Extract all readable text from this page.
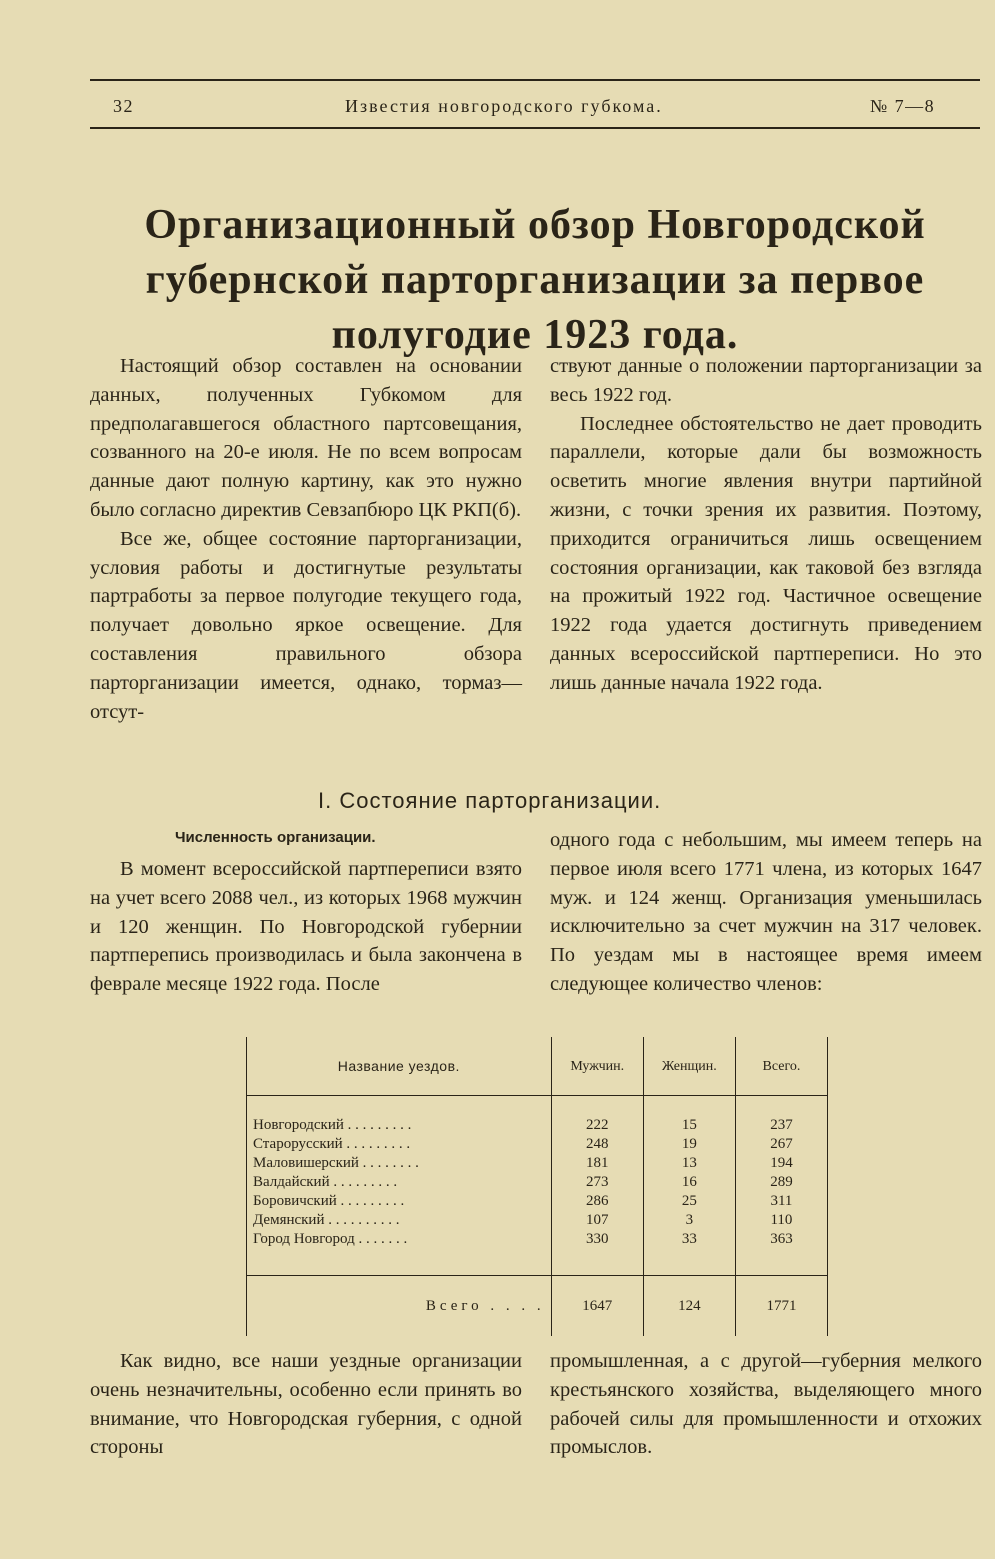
32	Известия новгородского губкома.	№ 7—8
Организационный обзор Новгородской губернской парторганизации за первое полугодие 1923 года.

Настоящий обзор составлен на основании данных, полученных Губкомом для предполагавшегося областного партсовещания, созванного на 20-е июля. Не по всем вопросам данные дают полную картину, как это нужно было согласно директив Севзапбюро ЦК РКП(б).

Все же, общее состояние парторганизации, условия работы и достигнутые результаты партработы за первое полугодие текущего года, получает довольно яркое освещение. Для составления правильного обзора парторганизации имеется, однако, тормаз—отсут-

ствуют данные о положении парторганизации за весь 1922 год.

Последнее обстоятельство не дает проводить параллели, которые дали бы возможность осветить многие явления внутри партийной жизни, с точки зрения их развития. Поэтому, приходится ограничиться лишь освещением состояния организации, как таковой без взгляда на прожитый 1922 год. Частичное освещение 1922 года удается достигнуть приведением данных всероссийской партпереписи. Но это лишь данные начала 1922 года.

I. Состояние парторганизации.
Численность организации.

В момент всероссийской партпереписи взято на учет всего 2088 чел., из которых 1968 мужчин и 120 женщин. По Новгородской губернии партперепись производилась и была закончена в феврале месяце 1922 года. После

одного года с небольшим, мы имеем теперь на первое июля всего 1771 члена, из которых 1647 муж. и 124 женщ. Организация уменьшилась исключительно за счет мужчин на 317 человек. По уездам мы в настоящее время имеем следующее количество членов:

Название уездов.	Мужчин.	Женщин.	Всего.

Новгородский . . . . . . . . .	222	15	237
Старорусский . . . . . . . . .	248	19	267
Маловишерский . . . . . . . .	181	13	194
Валдайский . . . . . . . . .	273	16	289
Боровичский . . . . . . . . .	286	25	311
Демянский . . . . . . . . . .	107	3	110
Город Новгород . . . . . . .	330	33	363

Всего . . . .	1647	124	1771

Как видно, все наши уездные организации очень незначительны, особенно если принять во внимание, что Новгородская губерния, с одной стороны

промышленная, а с другой—губерния мелкого крестьянского хозяйства, выделяющего много рабочей силы для промышленности и отхожих промыслов.
